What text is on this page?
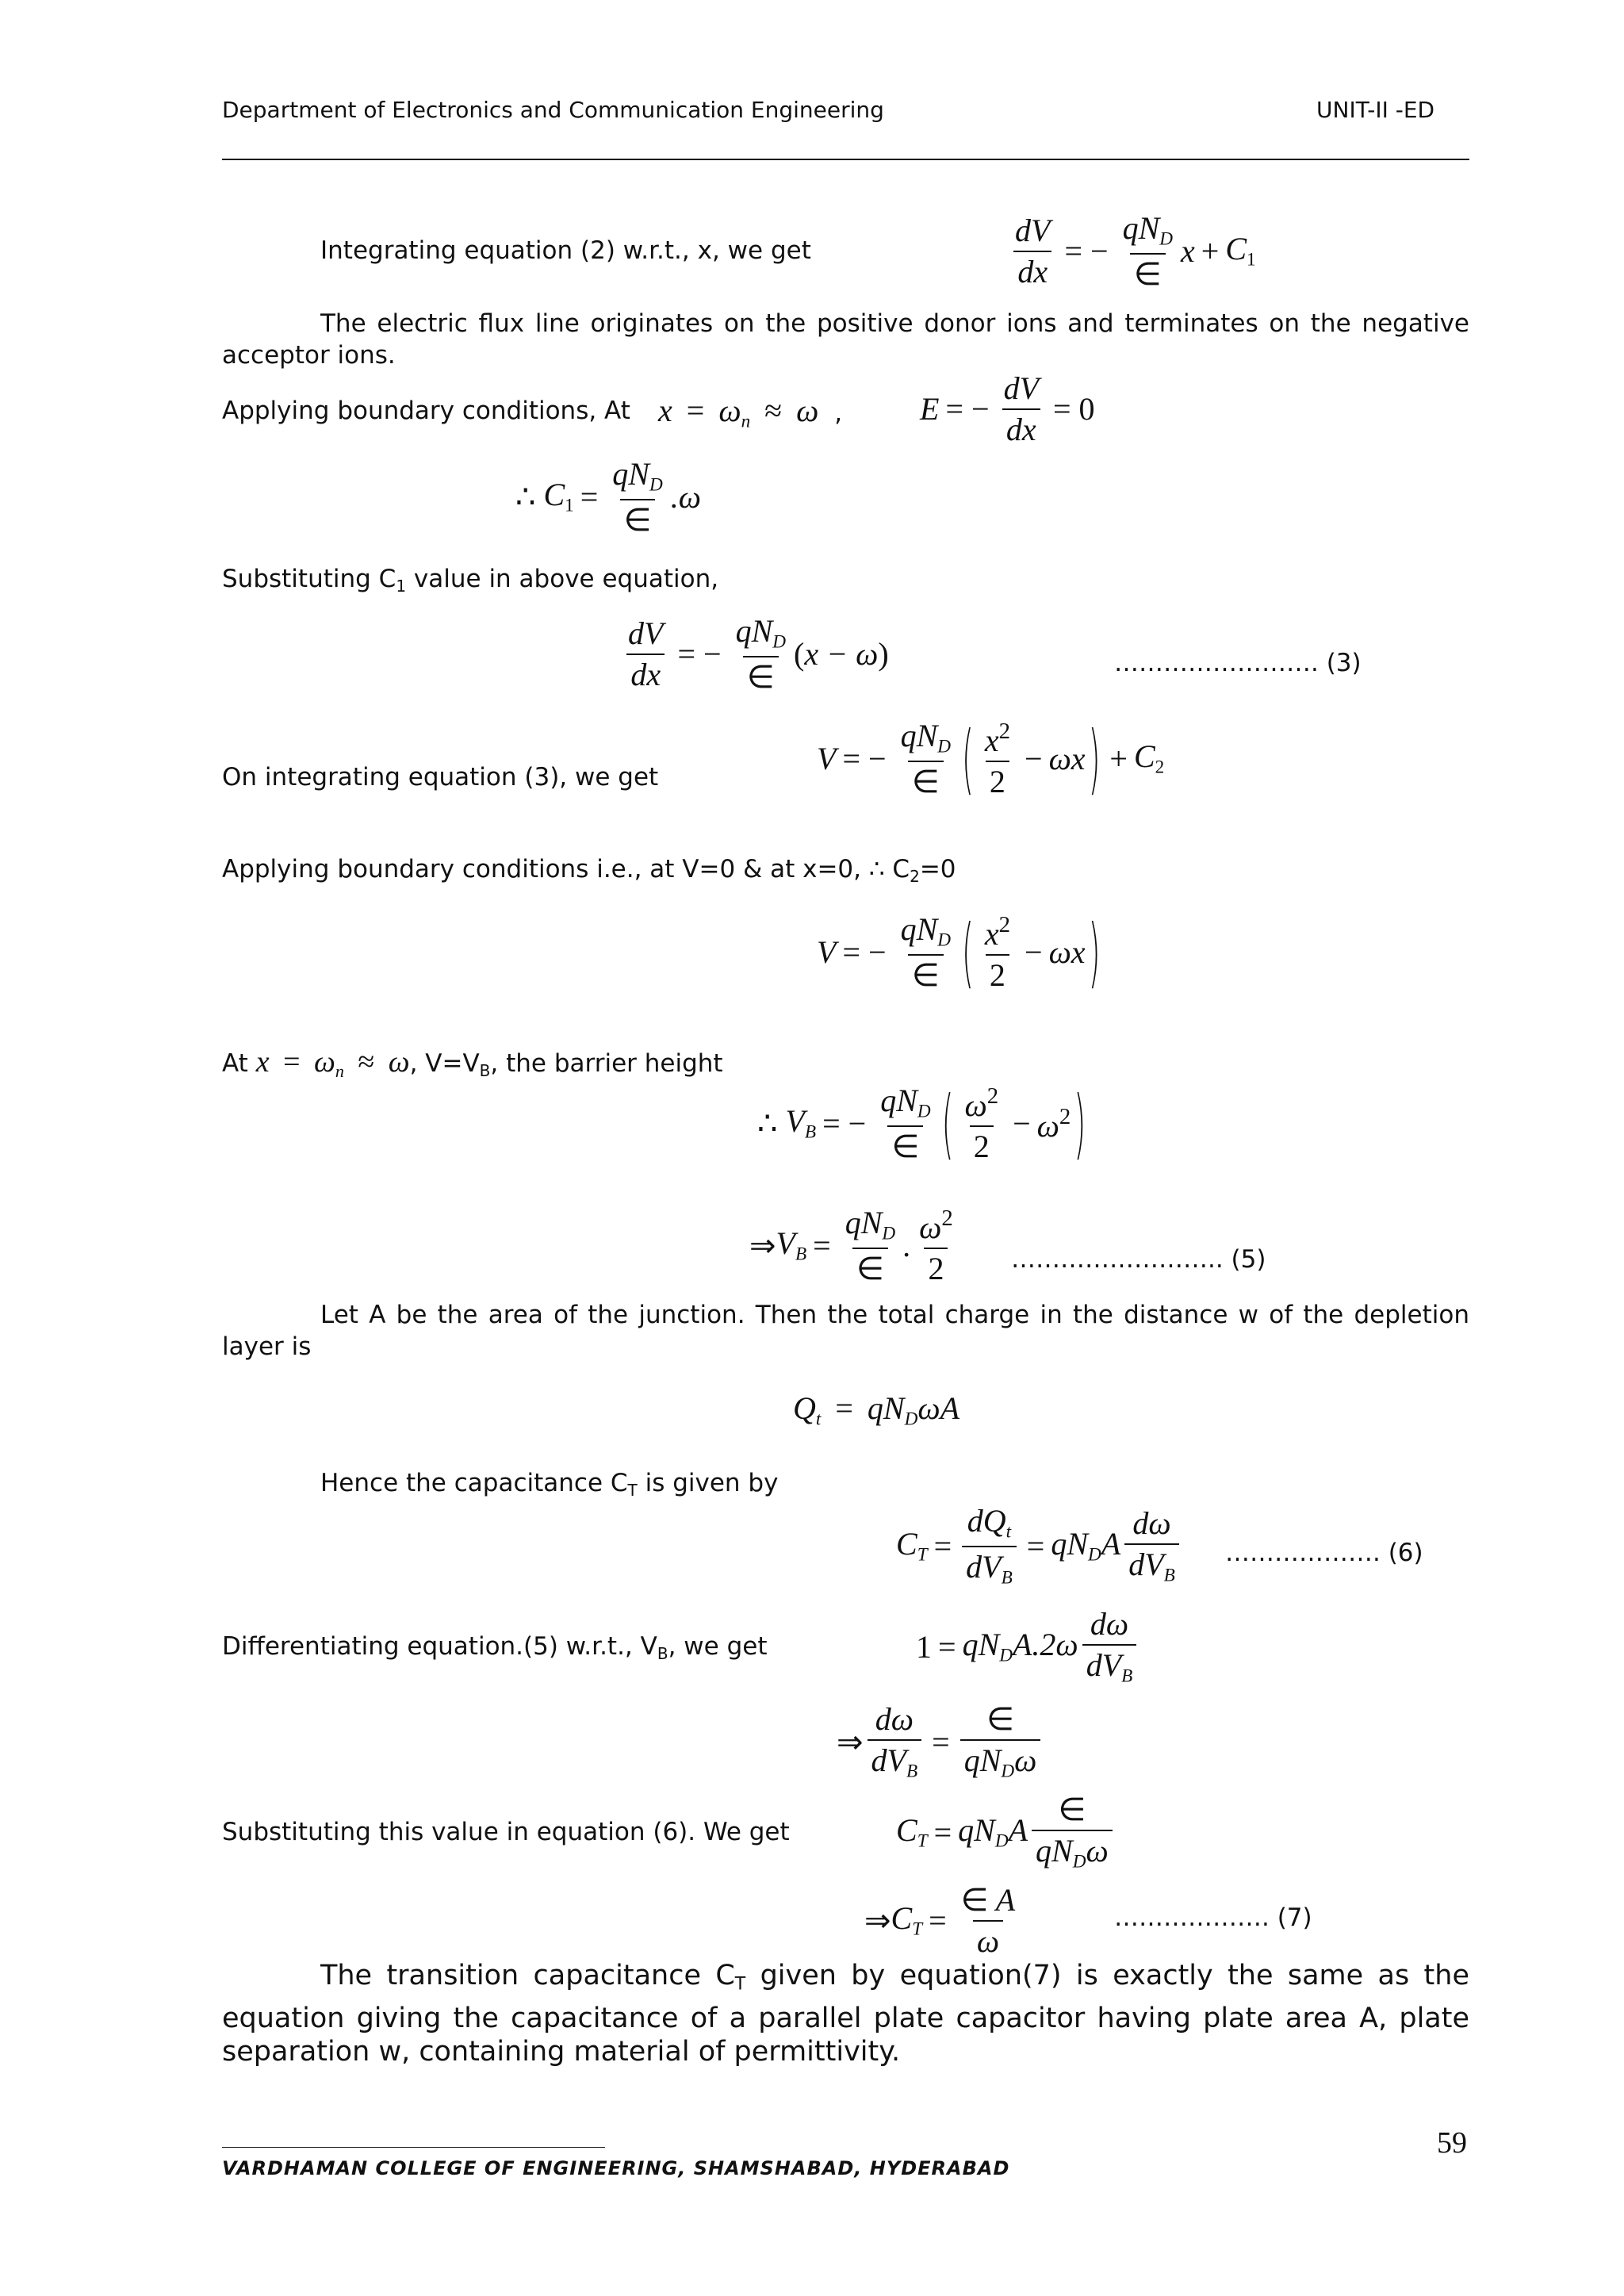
Department of Electronics and Communication Engineering	UNIT-II -ED
Integrating equation (2) w.r.t., x, we get	$\frac{dV}{dx}$ = − $\frac{qN_D}{\in}$ $x + C_1$
The electric flux line originates on the positive donor ions and terminates on the negative acceptor ions.
Applying boundary conditions, At $x = \omega_n \approx \omega$  , E = − $\frac{dV}{dx} = 0$
∴
$C_1 = \frac{qN_D}{\in} .\omega$
Substituting C1 value in above equation,
$\frac{dV}{dx}$ = − $\frac{qN_D}{\in}$ ( x − ω )	……………………. (3)
On integrating equation (3), we get
V = − $\frac{qN_D}{\in}$ ( $\frac{x^2}{2} - \omega x$ ) + $C_2$
Applying boundary conditions i.e., at V=0 & at x=0, ∴ C2=0
V = − $\frac{qN_D}{\in}$ ( $\frac{x^2}{2} - \omega x$ )
At $x = \omega_n \approx \omega$, V=VB, the barrier height
∴
$V_B$ = − $\frac{qN_D}{\in}$ ( $\frac{\omega^2}{2} - \omega^2$ )
⇒ $V_B = \frac{qN_D}{\in}$ . $\frac{\omega^2}{2}$ …………………….. (5)
Let A be the area of the junction. Then the total charge in the distance w of the depletion layer is
$Q_t = qN_D\omega A$
Hence the capacitance CT is given by
$C_T = \frac{dQ_t}{dV_B} = qN_DA \frac{d\omega}{dV_B}$ ………………. (6)
Differentiating equation.(5) w.r.t., VB, we get	$1 = qN_DA.2\omega \frac{d\omega}{dV_B}$
⇒ $\frac{d\omega}{dV_B} = \frac{\in}{qN_D\omega}$
Substituting this value in equation (6). We get	$C_T = qN_DA \frac{\in}{qN_D\omega}$
⇒ $C_T = \frac{\in A}{\omega}$	………………. (7)
The transition capacitance CT given by equation(7) is exactly the same as the equation giving the capacitance of a parallel plate capacitor having plate area A, plate separation w, containing material of permittivity.
59
VARDHAMAN COLLEGE OF ENGINEERING, SHAMSHABAD, HYDERABAD
